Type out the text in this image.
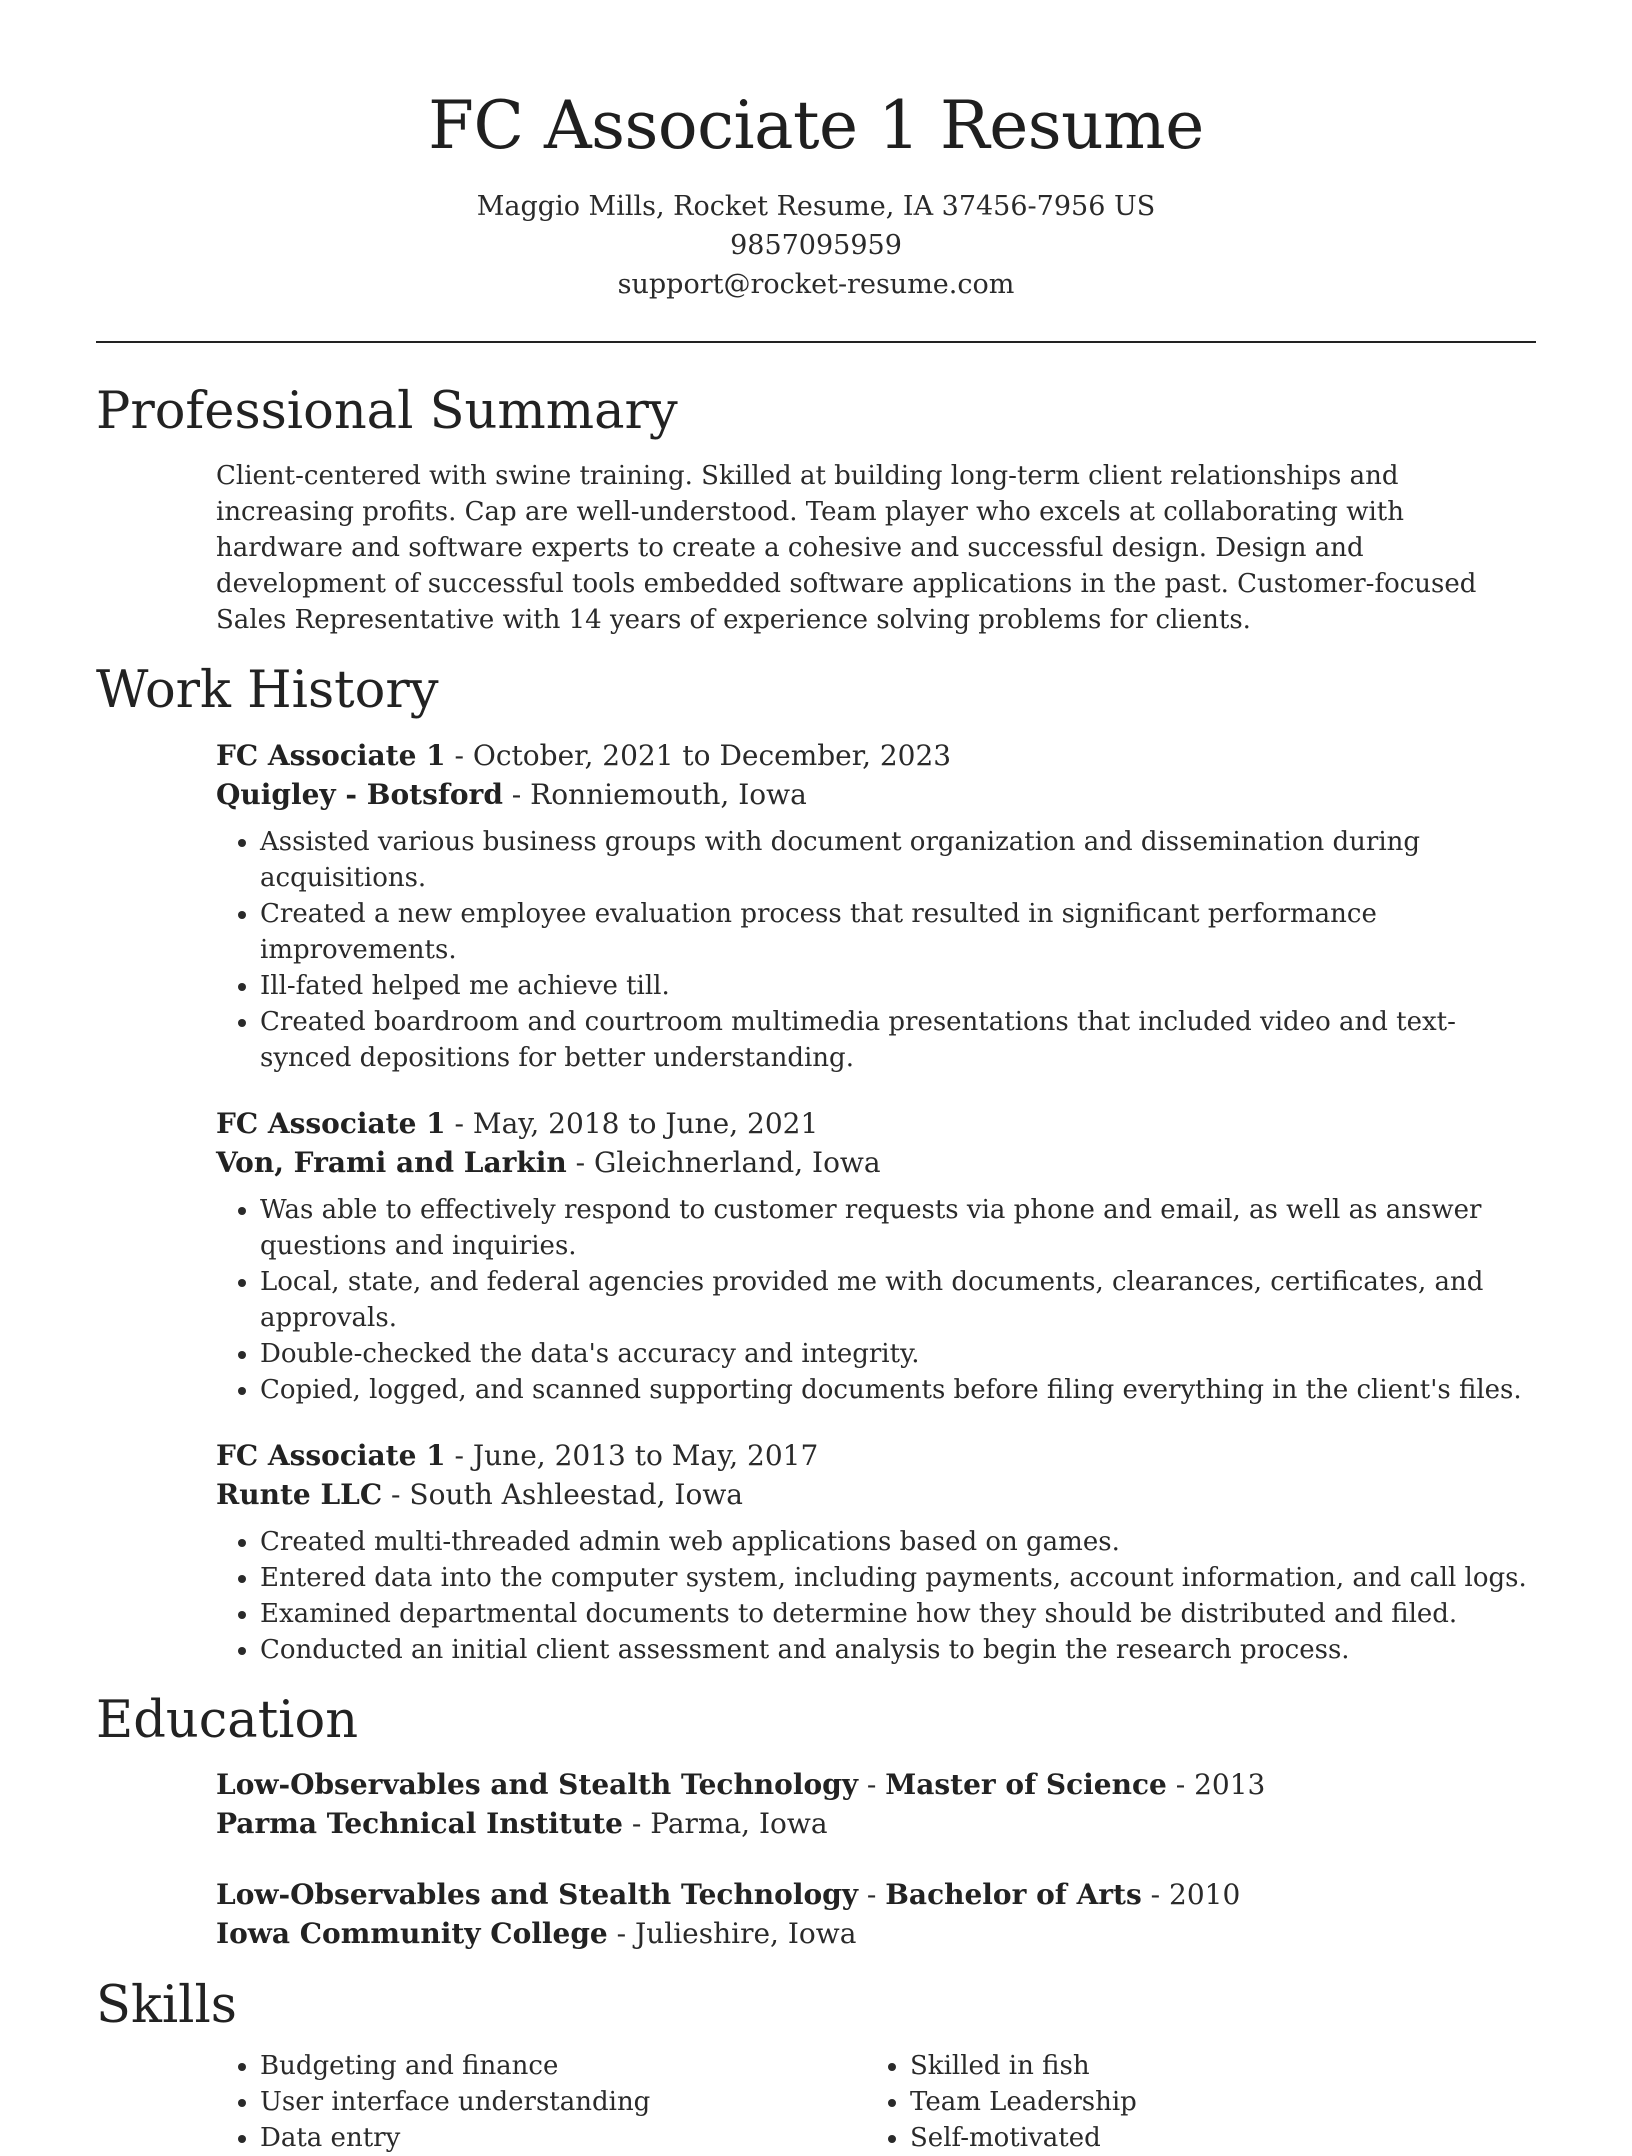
FC Associate 1 Resume
Maggio Mills, Rocket Resume, IA 37456-7956 US
9857095959
support@rocket-resume.com
Professional Summary
Client-centered with swine training. Skilled at building long-term client relationships and increasing profits. Cap are well-understood. Team player who excels at collaborating with hardware and software experts to create a cohesive and successful design. Design and development of successful tools embedded software applications in the past. Customer-focused Sales Representative with 14 years of experience solving problems for clients.
Work History
FC Associate 1 - October, 2021 to December, 2023
Quigley - Botsford - Ronniemouth, Iowa
• Assisted various business groups with document organization and dissemination during acquisitions.
• Created a new employee evaluation process that resulted in significant performance improvements.
• Ill-fated helped me achieve till.
• Created boardroom and courtroom multimedia presentations that included video and text-synced depositions for better understanding.
FC Associate 1 - May, 2018 to June, 2021
Von, Frami and Larkin - Gleichnerland, Iowa
• Was able to effectively respond to customer requests via phone and email, as well as answer questions and inquiries.
• Local, state, and federal agencies provided me with documents, clearances, certificates, and approvals.
• Double-checked the data's accuracy and integrity.
• Copied, logged, and scanned supporting documents before filing everything in the client's files.
FC Associate 1 - June, 2013 to May, 2017
Runte LLC - South Ashleestad, Iowa
• Created multi-threaded admin web applications based on games.
• Entered data into the computer system, including payments, account information, and call logs.
• Examined departmental documents to determine how they should be distributed and filed.
• Conducted an initial client assessment and analysis to begin the research process.
Education
Low-Observables and Stealth Technology - Master of Science - 2013
Parma Technical Institute - Parma, Iowa
Low-Observables and Stealth Technology - Bachelor of Arts - 2010
Iowa Community College - Julieshire, Iowa
Skills
• Budgeting and finance
• User interface understanding
• Data entry
• Skilled in fish
• Team Leadership
• Self-motivated
